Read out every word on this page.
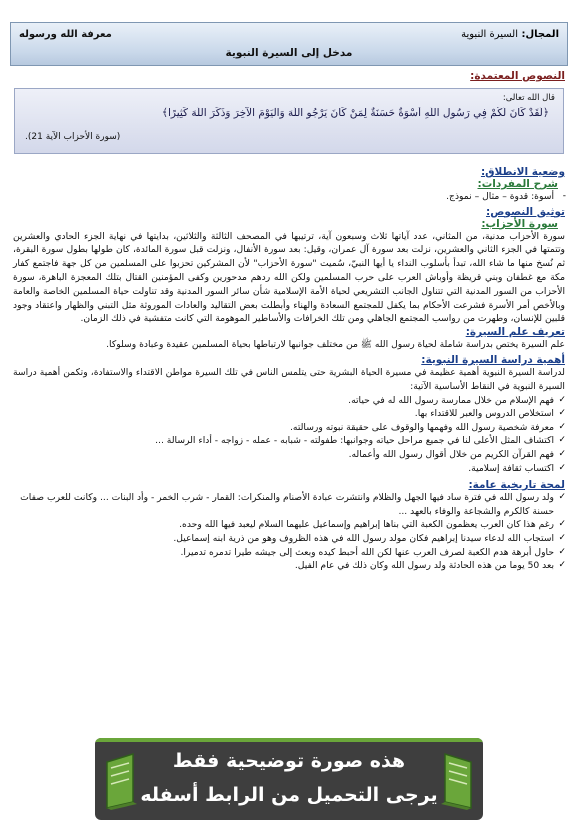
المجال: السيرة النبوية
معرفة الله ورسوله
مدخل إلى السيرة النبوية
النصوص المعتمدة:
قال الله تعالى:
﴿لَقَدْ كَانَ لَكُمْ فِي رَسُولِ اللَّهِ أُسْوَةٌ حَسَنَةٌ لِمَنْ كَانَ يَرْجُو اللَّهَ وَالْيَوْمَ الْآخِرَ وَذَكَرَ اللَّهَ كَثِيرًا﴾
(سورة الأحزاب الآية 21).
وضعية الانطلاق:
شرح المفردات:
- أسوة: قدوة – مثال – نموذج.
توثيق النصوص:
سورة الأحزاب:

سورة الأحزاب مدنية، من المثاني، عدد آياتها ثلاث وسبعون آية، ترتيبها في المصحف الثالثة والثلاثين، بدايتها في نهاية الجزء الحادي والعشرين وتتمتها في الجزء الثاني والعشرين، نزلت بعد سورة آل عمران، وقيل: بعد سورة الأنفال، ونزلت قبل سورة المائدة، كان طولها بطول سورة البقرة، ثم نُسخ منها ما شاء الله، تبدأ بأسلوب النداء يا أيها النبيّ، سُميت "سورة الأحزاب" لأن المشركين تحزبوا على المسلمين من كل جهة فاجتمع كفار مكة مع غطفان وبني قريظة وأوباش العرب على حرب المسلمين ولكن الله ردهم مدحورين وكفى المؤمنين القتال بتلك المعجزة الباهرة، سورة الأحزاب من السور المدنية التي تتناول الجانب التشريعي لحياة الأمة الإسلامية شأن سائر السور المدنية وقد تناولت حياة المسلمين الخاصة والعامة وبالأخص أمر الأسرة فشرعت الأحكام بما يكفل للمجتمع السعادة والهناء وأبطلت بعض التقاليد والعادات الموروثة مثل التبني والظهار واعتقاد وجود قلبين للإنسان، وطهرت من رواسب المجتمع الجاهلي ومن تلك الخرافات والأساطير الموهومة التي كانت متفشية في ذلك الزمان.

تعريف علم السيرة:

علم السيرة يختص بدراسة شاملة لحياة رسول الله ﷺ من مختلف جوانبها لارتباطها بحياة المسلمين عقيدة وعبادة وسلوكا.

أهمية دراسة السيرة النبوية:

لدراسة السيرة النبوية أهمية عظيمة في مسيرة الحياة البشرية حتى يتلمس الناس في تلك السيرة مواطن الاقتداء والاستفادة، وتكمن أهمية دراسة السيرة النبوية في النقاط الأساسية الآتية:

✓ فهم الإسلام من خلال ممارسة رسول الله له في حياته.
✓ استخلاص الدروس والعبر للاقتداء بها.
✓ معرفة شخصية رسول الله وفهمها والوقوف على حقيقة نبوته ورسالته.
✓ اكتشاف المثل الأعلى لنا في جميع مراحل حياته وجوانبها: طفولته - شبابه - عمله - زواجه - أداء الرسالة ...
✓ فهم القرآن الكريم من خلال أقوال رسول الله وأعماله.
✓ اكتساب ثقافة إسلامية.
لمحة تاريخية عامة:
✓ ولد رسول الله في فترة ساد فيها الجهل والظلام وانتشرت عبادة الأصنام والمنكرات: القمار - شرب الخمر - وأد البنات ... وكانت للعرب صفات حسنة كالكرم والشجاعة والوفاء بالعهد ...
✓ رغم هذا كان العرب يعظمون الكعبة التي بناها إبراهيم وإسماعيل عليهما السلام ليعبد فيها الله وحده.
✓ استجاب الله لدعاء سيدنا إبراهيم فكان مولد رسول الله في هذه الظروف وهو من ذرية ابنه إسماعيل.
✓ حاول أبرهة هدم الكعبة لصرف العرب عنها لكن الله أحبط كيده وبعث إلى جيشه طيرا تدمره تدميرا.
✓ بعد 50 يوما من هذه الحادثة ولد رسول الله وكان ذلك في عام الفيل.
هذه صورة توضيحية فقط
يرجى التحميل من الرابط أسفله
